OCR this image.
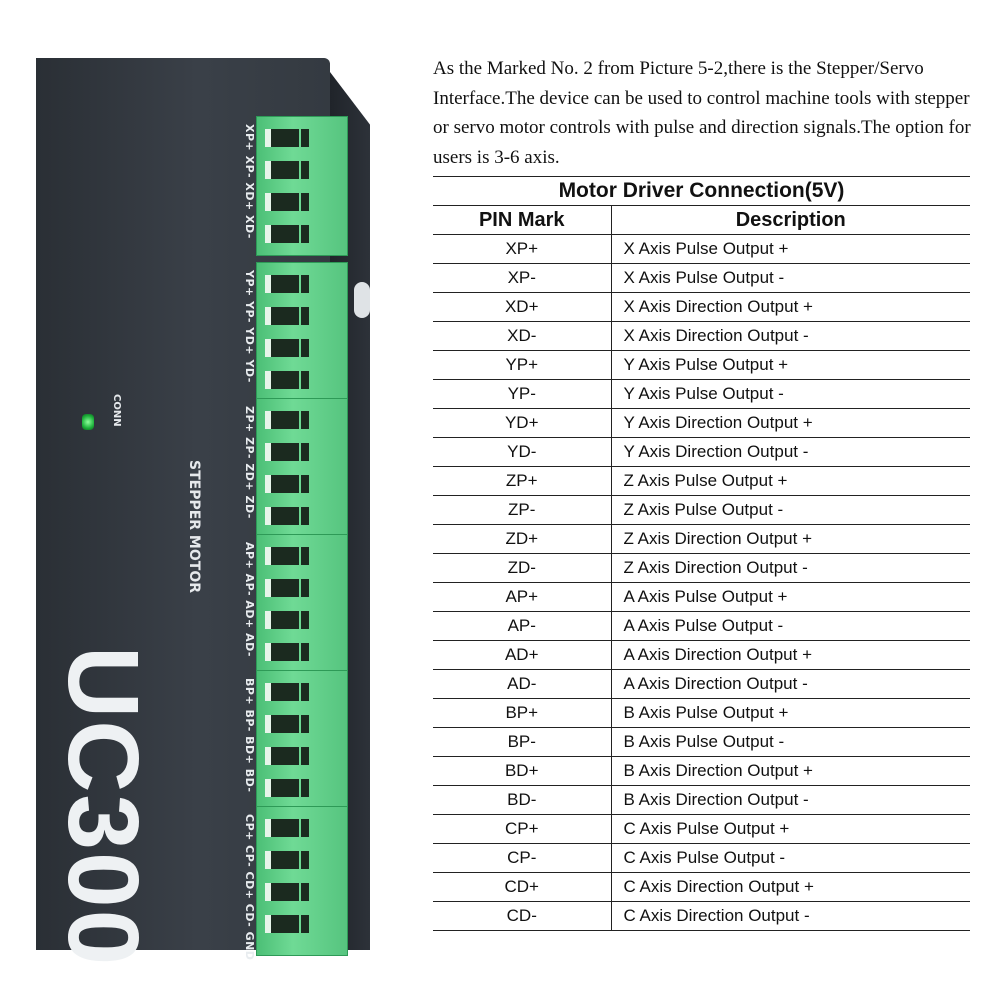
CONN
STEPPER MOTOR
UC300
XP+ XP- XD+ XD-
YP+ YP- YD+ YD-
ZP+ ZP- ZD+ ZD-
AP+ AP- AD+ AD-
BP+ BP- BD+ BD-
CP+ CP- CD+ CD- GND

As the Marked No. 2 from Picture 5-2,there is the Stepper/Servo Interface.The device can be used to control machine tools with stepper or servo motor controls with pulse and direction signals.The option for users is 3-6 axis.

Motor Driver Connection(5V)	
PIN Mark	Description
XP+	X Axis Pulse Output +
XP-	X Axis Pulse Output -
XD+	X Axis Direction Output +
XD-	X Axis Direction Output -
YP+	Y Axis Pulse Output +
YP-	Y Axis Pulse Output -
YD+	Y Axis Direction Output +
YD-	Y Axis Direction Output -
ZP+	Z Axis Pulse Output +
ZP-	Z Axis Pulse Output -
ZD+	Z Axis Direction Output +
ZD-	Z Axis Direction Output -
AP+	A Axis Pulse Output +
AP-	A Axis Pulse Output -
AD+	A Axis Direction Output +
AD-	A Axis Direction Output -
BP+	B Axis Pulse Output +
BP-	B Axis Pulse Output -
BD+	B Axis Direction Output +
BD-	B Axis Direction Output -
CP+	C Axis Pulse Output +
CP-	C Axis Pulse Output -
CD+	C Axis Direction Output +
CD-	C Axis Direction Output -
